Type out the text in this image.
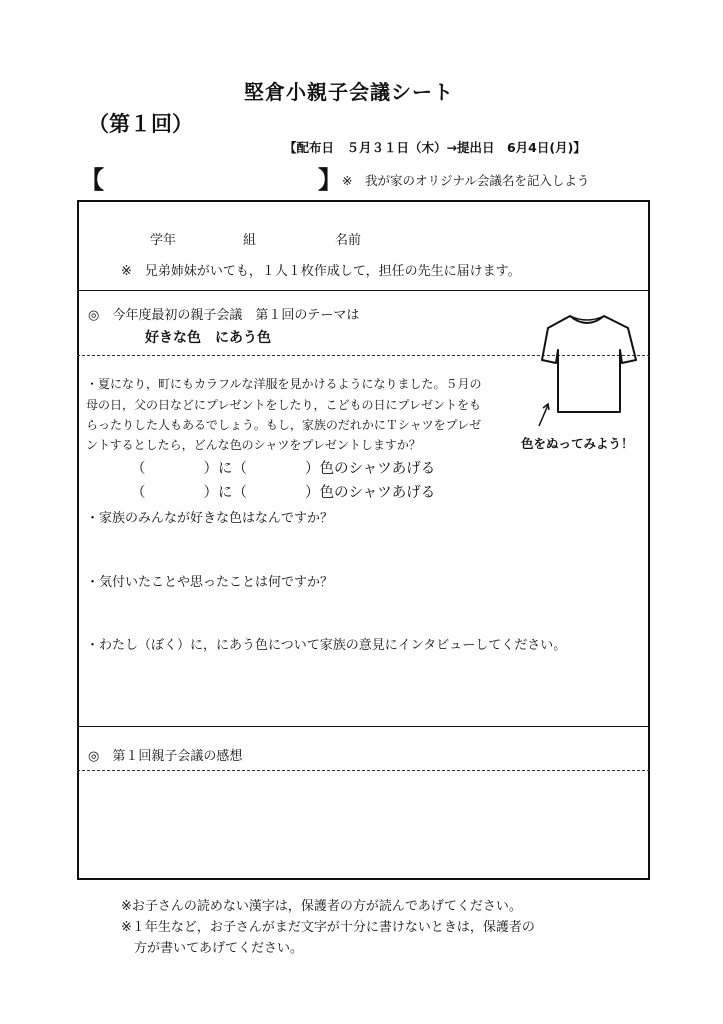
堅倉小親子会議シート
（第１回）
【配布日　５月３１日（木）→提出日　6月4日(月)】
【	】 ※　我が家のオリジナル会議名を記入しよう
学年	組	名前
※　兄弟姉妹がいても，１人１枚作成して，担任の先生に届けます。
◎　今年度最初の親子会議　第１回のテーマは
好きな色　にあう色
色をぬってみよう！
・夏になり，町にもカラフルな洋服を見かけるようになりました。５月の
母の日，父の日などにプレゼントをしたり，こどもの日にプレゼントをも
らったりした人もあるでしょう。もし，家族のだれかにＴシャツをプレゼ
ントするとしたら，どんな色のシャツをプレゼントしますか？
（　　　　）に（　　　　）色のシャツあげる
（　　　　）に（　　　　）色のシャツあげる
・家族のみんなが好きな色はなんですか？
・気付いたことや思ったことは何ですか？
・わたし（ぼく）に，にあう色について家族の意見にインタビューしてください。
◎　第１回親子会議の感想
※お子さんの読めない漢字は，保護者の方が読んであげてください。
※１年生など，お子さんがまだ文字が十分に書けないときは，保護者の
　方が書いてあげてください。
